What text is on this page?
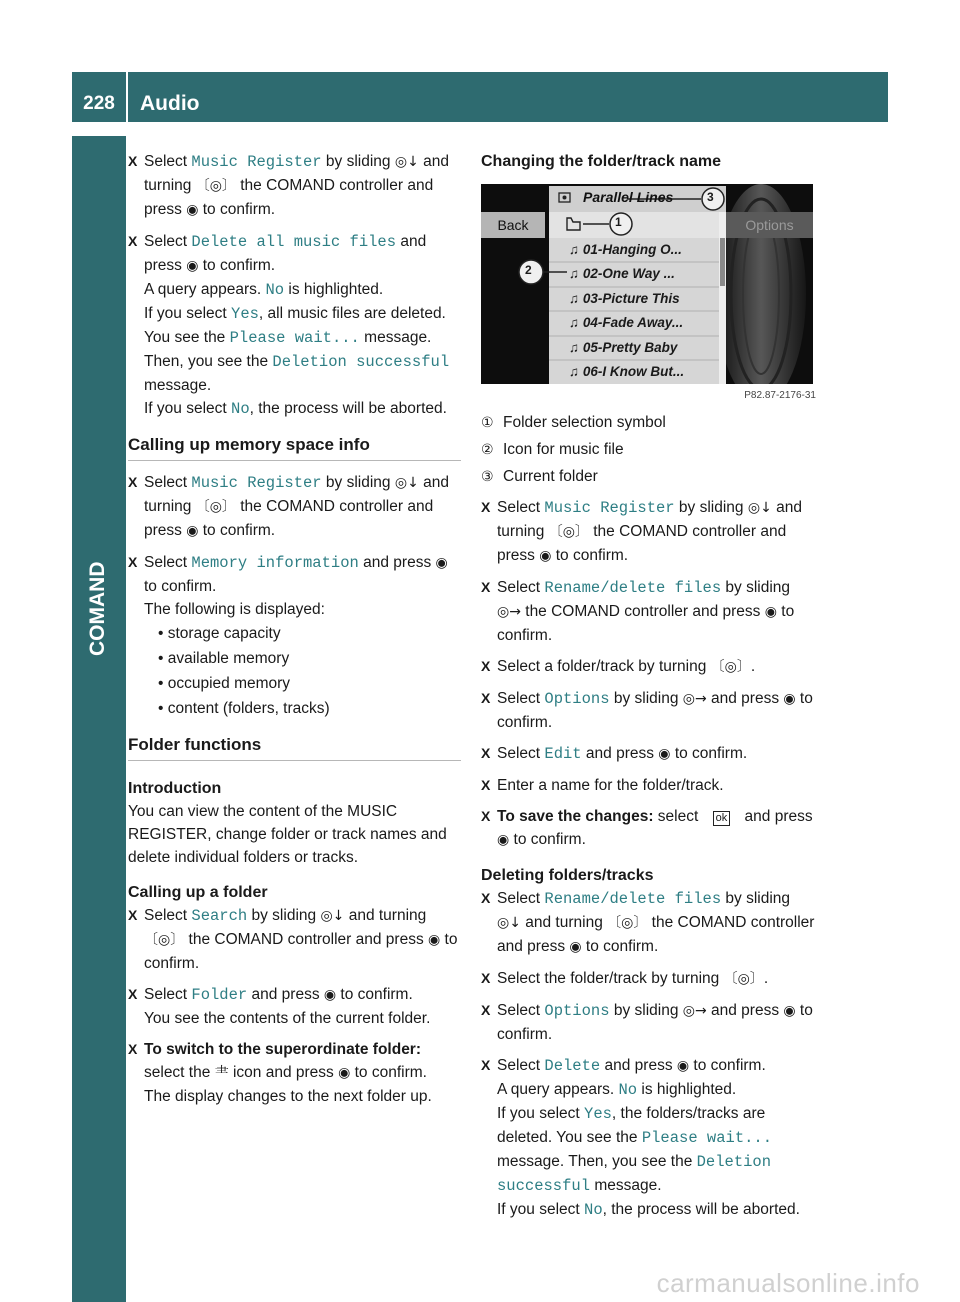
228	Audio
COMAND
X Select Music Register by sliding ◎↓ and turning 〔◎〕 the COMAND controller and press ◉ to confirm.
X Select Delete all music files and press ◉ to confirm.
A query appears. No is highlighted.
If you select Yes, all music files are deleted. You see the Please wait... message.
Then, you see the Deletion successful message.
If you select No, the process will be aborted.
Calling up memory space info
X Select Music Register by sliding ◎↓ and turning 〔◎〕 the COMAND controller and press ◉ to confirm.
X Select Memory information and press ◉ to confirm.
The following is displayed:
• storage capacity
• available memory
• occupied memory
• content (folders, tracks)
Folder functions
Introduction

You can view the content of the MUSIC REGISTER, change folder or track names and delete individual folders or tracks.

Calling up a folder
X Select Search by sliding ◎↓ and turning 〔◎〕 the COMAND controller and press ◉ to confirm.
X Select Folder and press ◉ to confirm.
You see the contents of the current folder.
X To switch to the superordinate folder:
select the ⺻ icon and press ◉ to confirm.
The display changes to the next folder up.
Changing the folder/track name
Parallel Lines
Back	Options
1
2
3
♫ 01-Hanging O...
♫ 02-One Way ...
♫ 03-Picture This
♫ 04-Fade Away...
♫ 05-Pretty Baby
♫ 06-I Know But...
P82.87-2176-31
① Folder selection symbol
② Icon for music file
③ Current folder
X Select Music Register by sliding ◎↓ and turning 〔◎〕 the COMAND controller and press ◉ to confirm.
X Select Rename/delete files by sliding ◎→ the COMAND controller and press ◉ to confirm.
X Select a folder/track by turning 〔◎〕.
X Select Options by sliding ◎→ and press ◉ to confirm.
X Select Edit and press ◉ to confirm.
X Enter a name for the folder/track.
X To save the changes: select ok and press ◉ to confirm.
Deleting folders/tracks
X Select Rename/delete files by sliding ◎↓ and turning 〔◎〕 the COMAND controller and press ◉ to confirm.
X Select the folder/track by turning 〔◎〕.
X Select Options by sliding ◎→ and press ◉ to confirm.
X Select Delete and press ◉ to confirm.
A query appears. No is highlighted.
If you select Yes, the folders/tracks are deleted. You see the Please wait... message. Then, you see the Deletion successful message.
If you select No, the process will be aborted.
carmanualsonline.info
